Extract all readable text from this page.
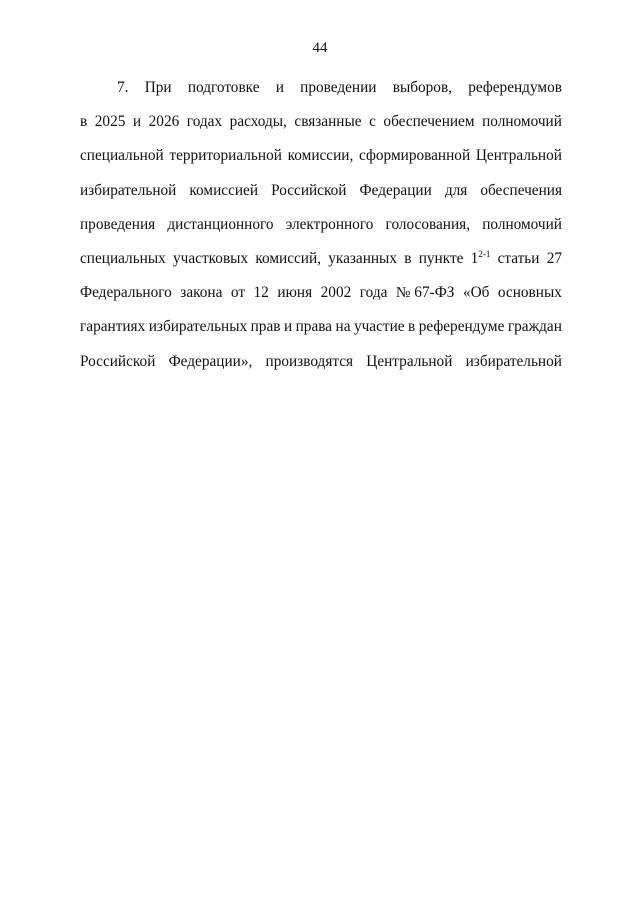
44
7. При подготовке и проведении выборов, референдумов
в 2025 и 2026 годах расходы, связанные с обеспечением полномочий
специальной территориальной комиссии, сформированной Центральной
избирательной комиссией Российской Федерации для обеспечения
проведения дистанционного электронного голосования, полномочий
специальных участковых комиссий, указанных в пункте 1$^{2-1}$ статьи 27
Федерального закона от 12 июня 2002 года № 67-ФЗ «Об основных
гарантиях избирательных прав и права на участие в референдуме граждан
Российской Федерации», производятся Центральной избирательной
